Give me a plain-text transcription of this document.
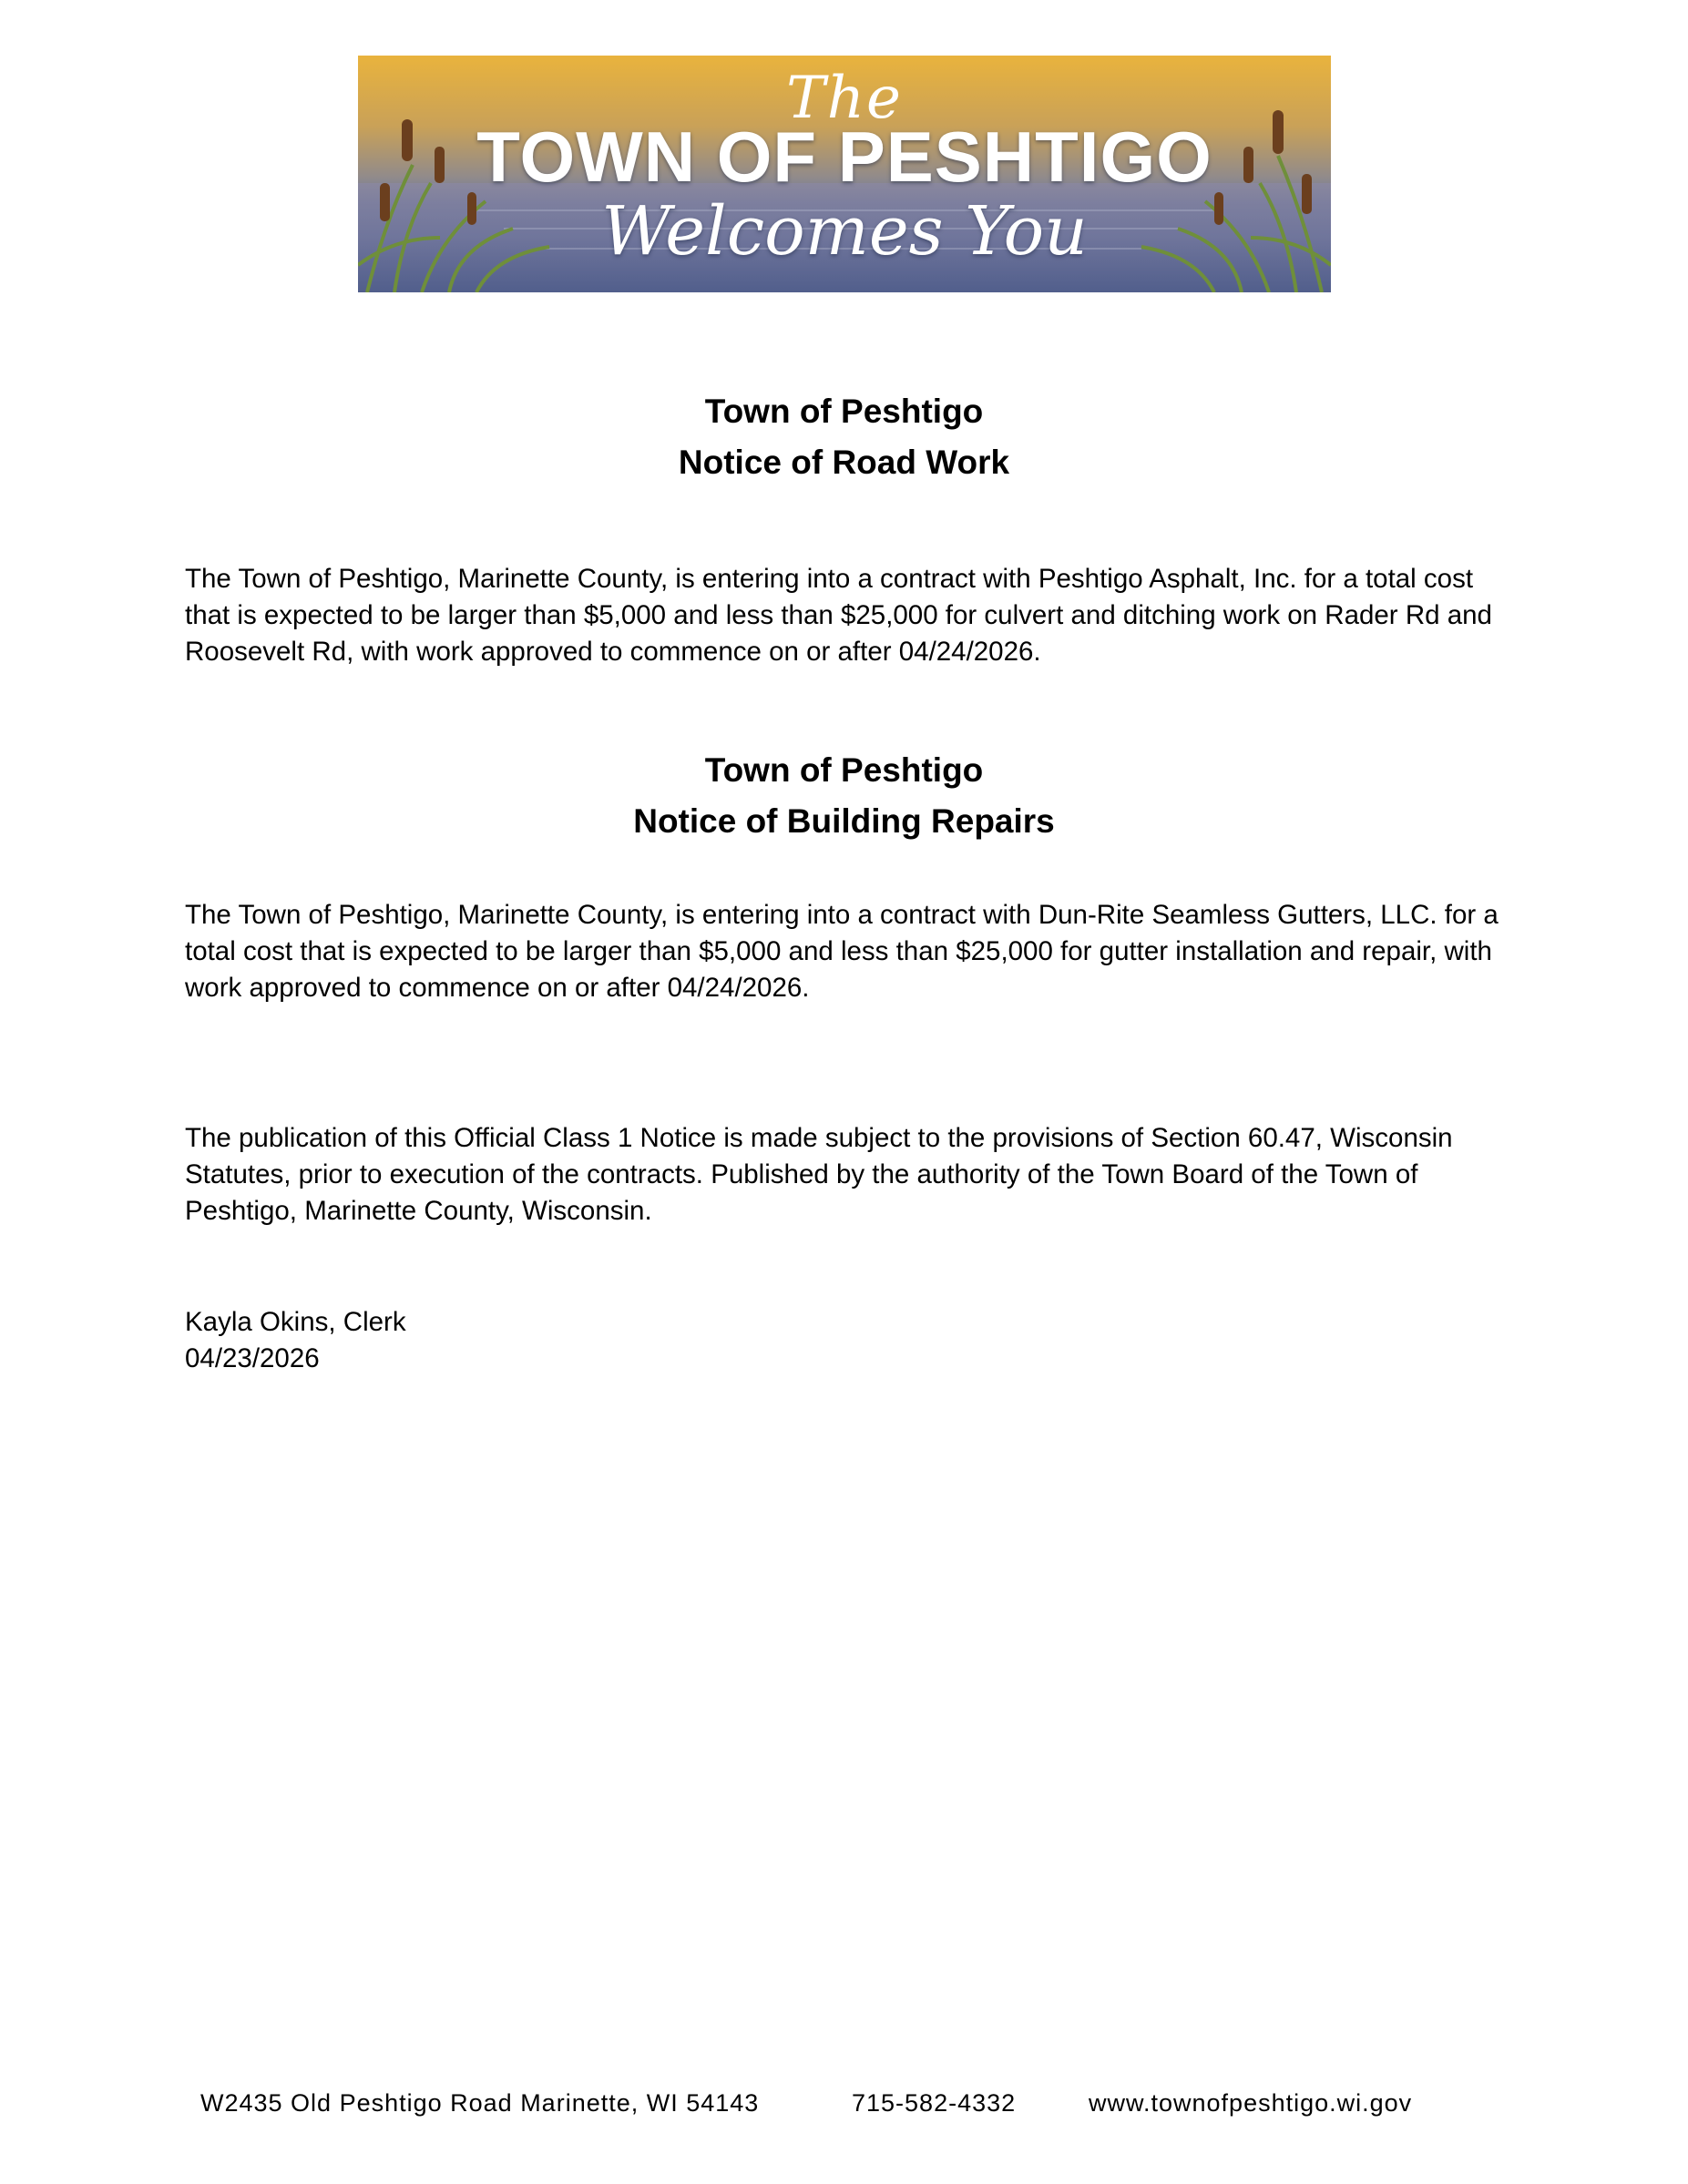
The
TOWN OF PESHTIGO
Welcomes You
Town of Peshtigo
Notice of Road Work
The Town of Peshtigo, Marinette County, is entering into a contract with Peshtigo Asphalt, Inc. for a total cost that is expected to be larger than $5,000 and less than $25,000 for culvert and ditching work on Rader Rd and Roosevelt Rd, with work approved to commence on or after 04/24/2026.
Town of Peshtigo
Notice of Building Repairs
The Town of Peshtigo, Marinette County, is entering into a contract with Dun-Rite Seamless Gutters, LLC. for a total cost that is expected to be larger than $5,000 and less than $25,000 for gutter installation and repair, with work approved to commence on or after 04/24/2026.
The publication of this Official Class 1 Notice is made subject to the provisions of Section 60.47, Wisconsin Statutes, prior to execution of the contracts. Published by the authority of the Town Board of the Town of Peshtigo, Marinette County, Wisconsin.
Kayla Okins, Clerk
04/23/2026
W2435 Old Peshtigo Road Marinette, WI 54143	715-582-4332	www.townofpeshtigo.wi.gov
